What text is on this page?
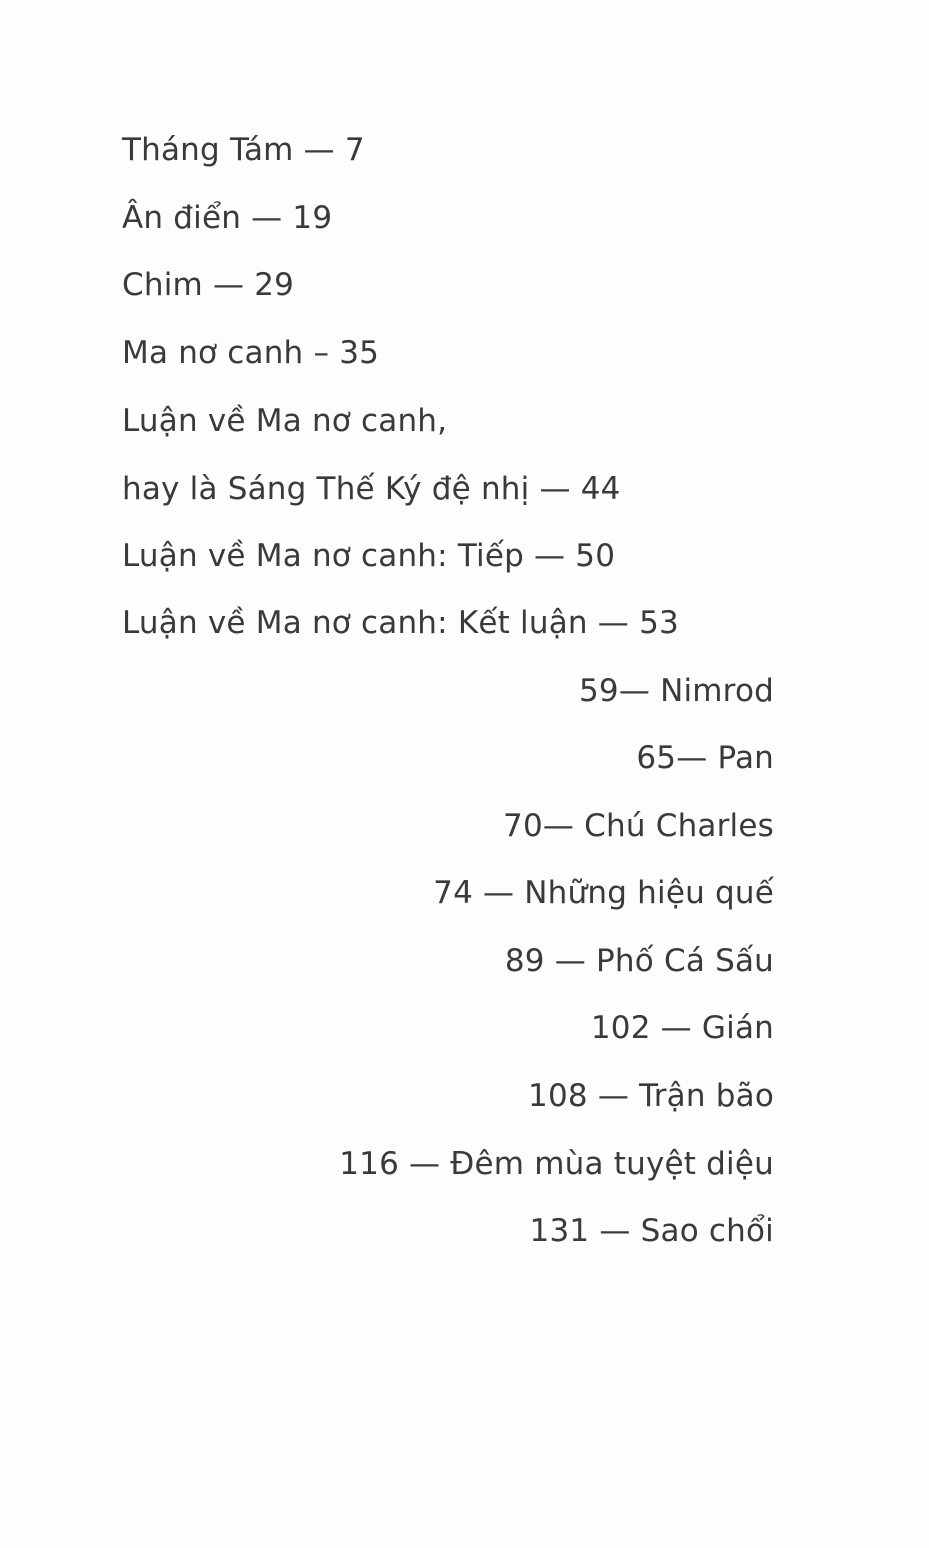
Tháng Tám — 7
Ân điển — 19
Chim — 29
Ma nơ canh – 35
Luận về Ma nơ canh,
hay là Sáng Thế Ký đệ nhị — 44
Luận về Ma nơ canh: Tiếp — 50
Luận về Ma nơ canh: Kết luận — 53
59— Nimrod
65— Pan
70— Chú Charles
74 — Những hiệu quế
89 — Phố Cá Sấu
102 — Gián
108 — Trận bão
116 — Đêm mùa tuyệt diệu
131 — Sao chổi
